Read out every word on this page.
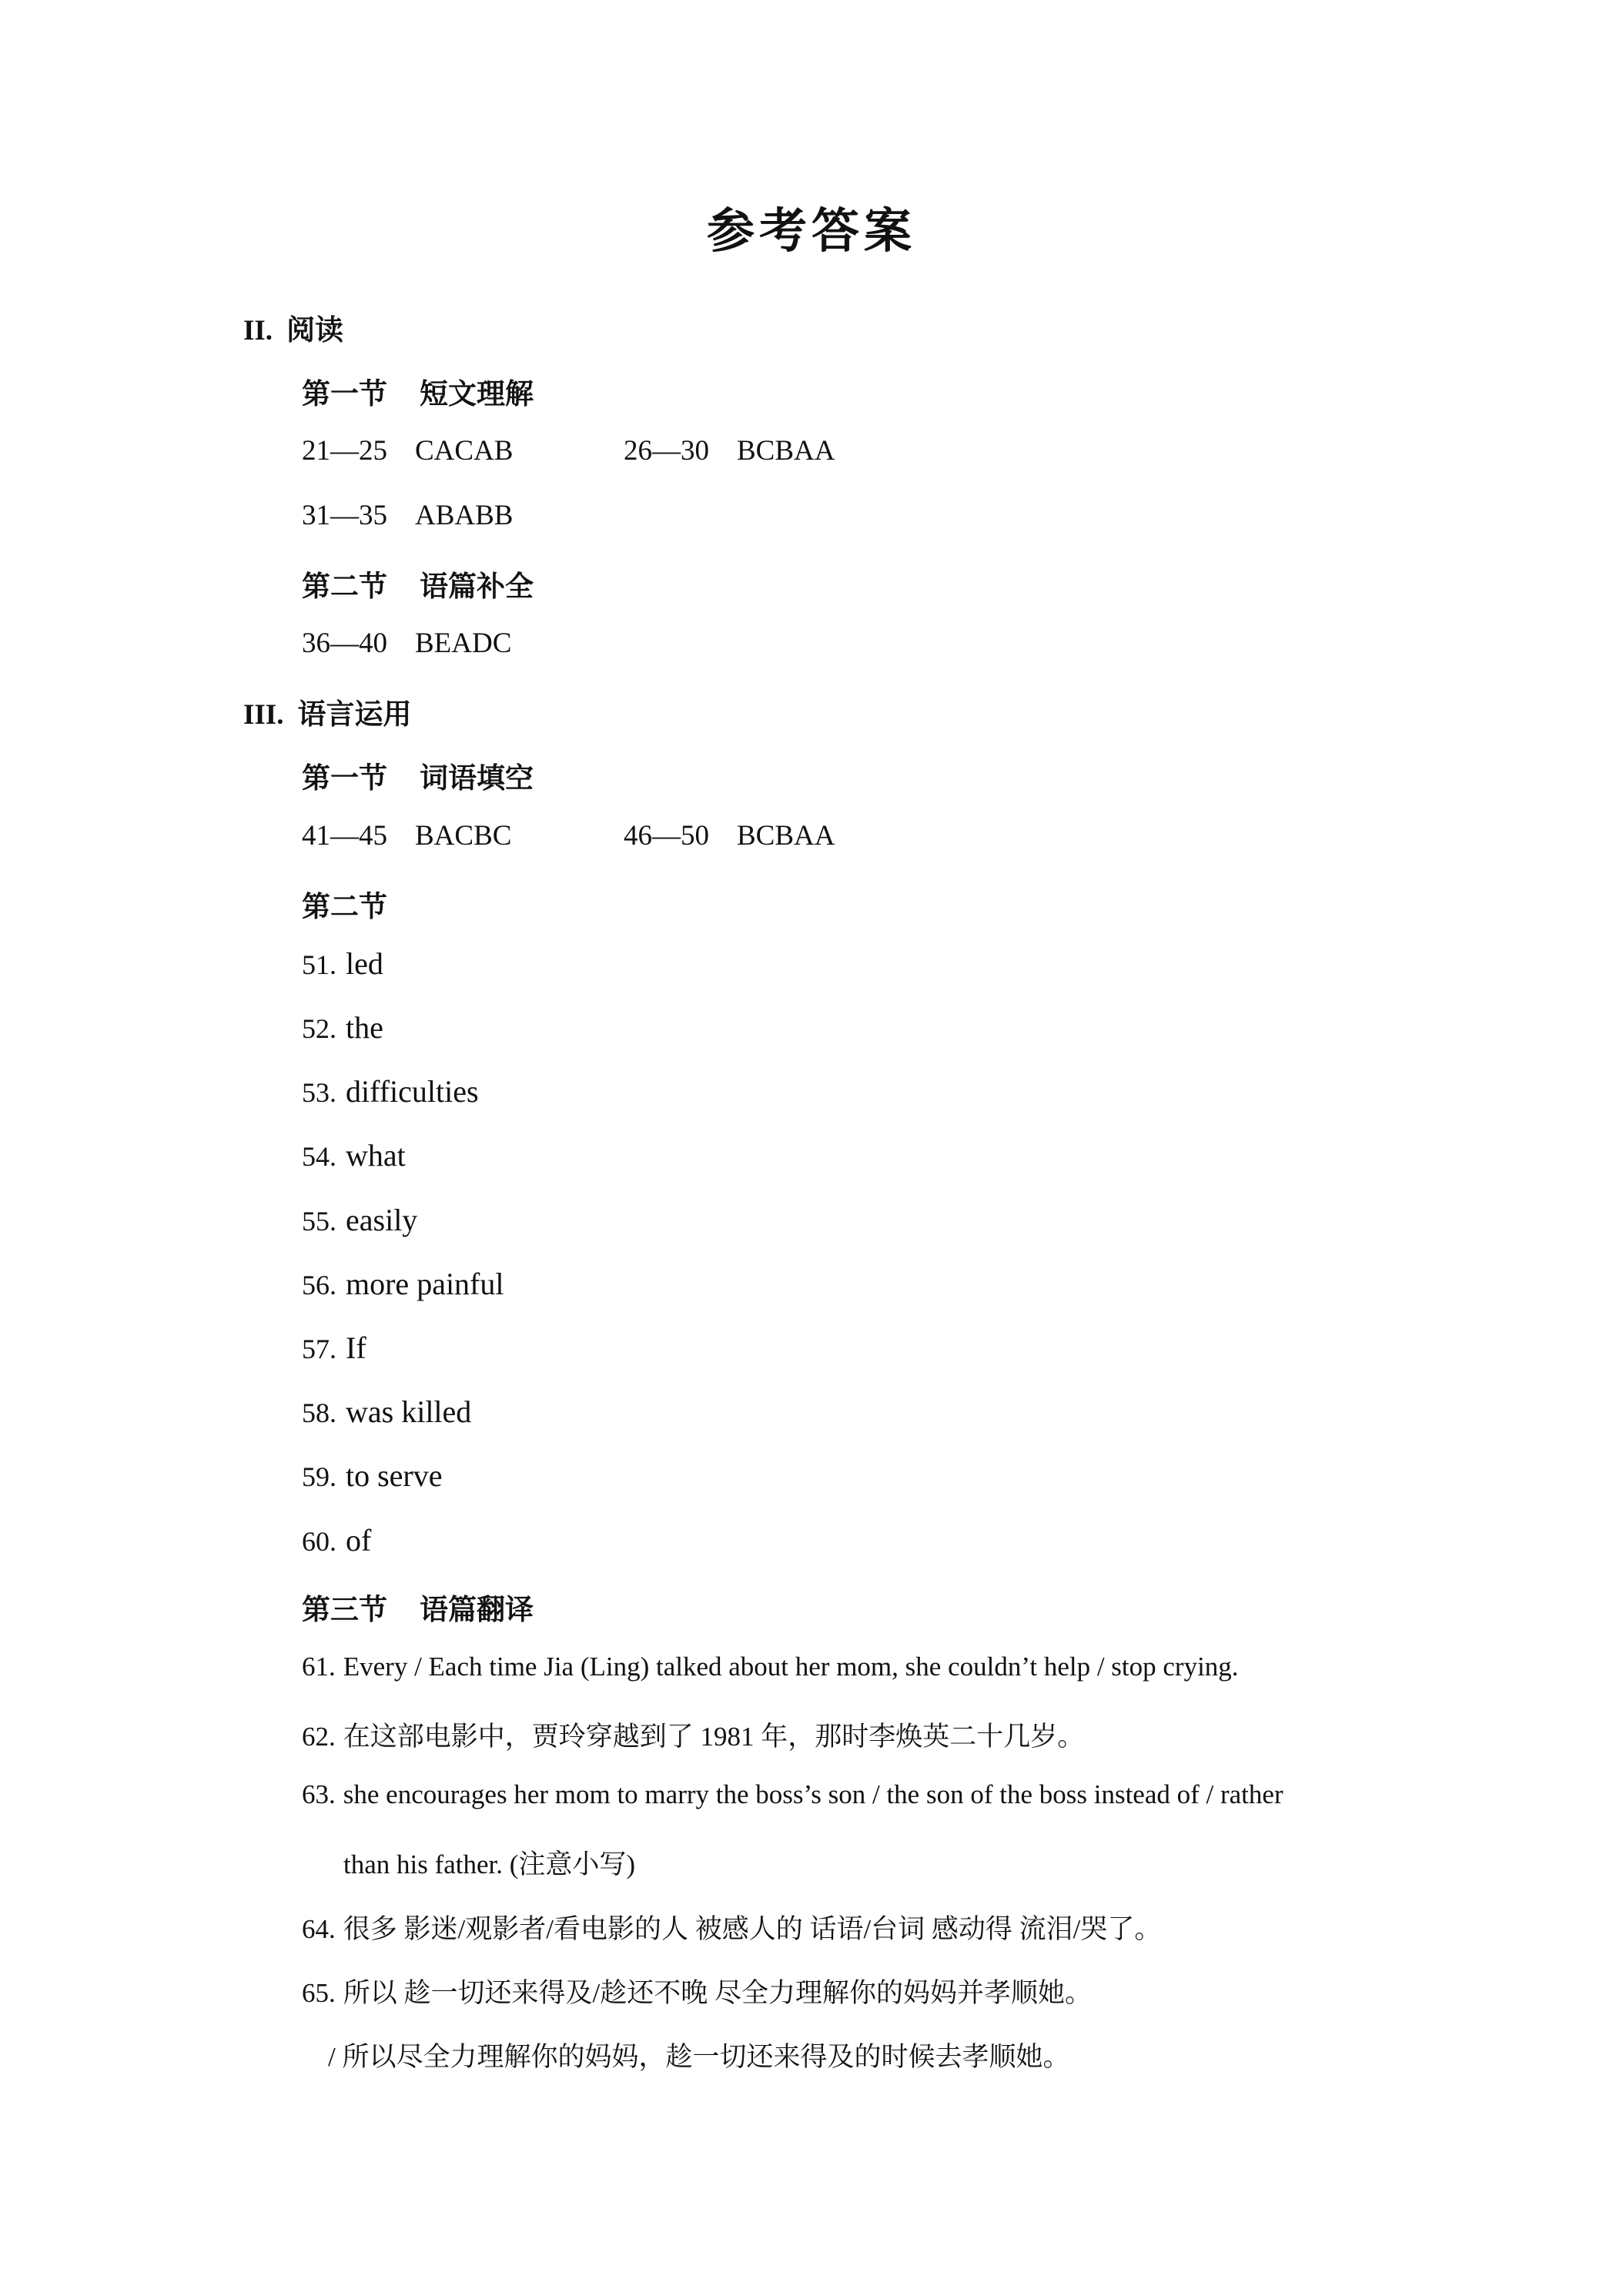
参考答案
II. 阅读
第一节 短文理解
21—25 CACAB	26—30 BCBAA
31—35 ABABB
第二节 语篇补全
36—40 BEADC
III. 语言运用
第一节 词语填空
41—45 BACBC	46—50 BCBAA
第二节
51. led
52. the
53. difficulties
54. what
55. easily
56. more painful
57. If
58. was killed
59. to serve
60. of
第三节 语篇翻译
61. Every / Each time Jia (Ling) talked about her mom, she couldn’t help / stop crying.
62. 在这部电影中，贾玲穿越到了 1981 年，那时李焕英二十几岁。
63. she encourages her mom to marry the boss’s son / the son of the boss instead of / rather
than his father. (注意小写)
64. 很多 影迷/观影者/看电影的人 被感人的 话语/台词 感动得 流泪/哭了。
65. 所以 趁一切还来得及/趁还不晚 尽全力理解你的妈妈并孝顺她。
/ 所以尽全力理解你的妈妈，趁一切还来得及的时候去孝顺她。
